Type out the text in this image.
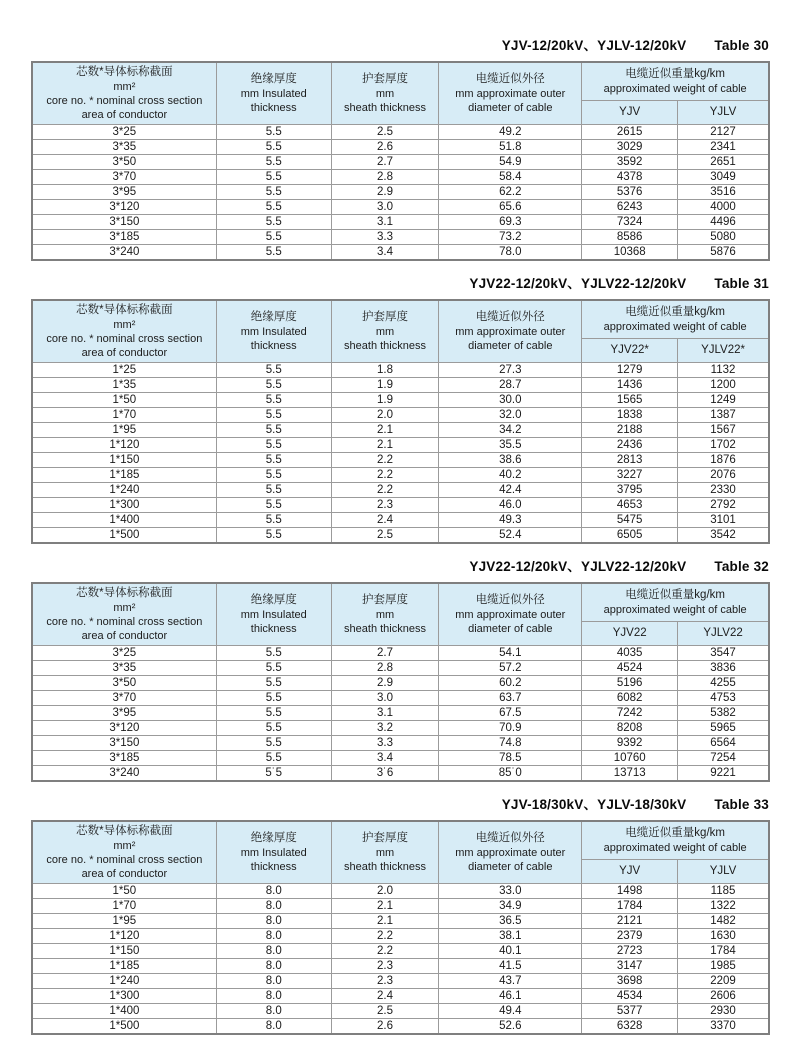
YJV-12/20kV、YJLV-12/20kV Table 30
芯数*导体标称截面
mm²
core no. * nominal cross section
area of conductor

绝缘厚度
mm Insulated
thickness

护套厚度
mm
sheath thickness

电缆近似外径
mm approximate outer
diameter of cable

电缆近似重量kg/km
approximated weight of cable

				YJV	YJLV
3*25	5.5	2.5	49.2	2615	2127
3*35	5.5	2.6	51.8	3029	2341
3*50	5.5	2.7	54.9	3592	2651
3*70	5.5	2.8	58.4	4378	3049
3*95	5.5	2.9	62.2	5376	3516
3*120	5.5	3.0	65.6	6243	4000
3*150	5.5	3.1	69.3	7324	4496
3*185	5.5	3.3	73.2	8586	5080
3*240	5.5	3.4	78.0	10368	5876
YJV22-12/20kV、YJLV22-12/20kV Table 31
芯数*导体标称截面
mm²
core no. * nominal cross section
area of conductor

绝缘厚度
mm Insulated
thickness

护套厚度
mm
sheath thickness

电缆近似外径
mm approximate outer
diameter of cable

电缆近似重量kg/km
approximated weight of cable

				YJV22*	YJLV22*
1*25	5.5	1.8	27.3	1279	1132
1*35	5.5	1.9	28.7	1436	1200
1*50	5.5	1.9	30.0	1565	1249
1*70	5.5	2.0	32.0	1838	1387
1*95	5.5	2.1	34.2	2188	1567
1*120	5.5	2.1	35.5	2436	1702
1*150	5.5	2.2	38.6	2813	1876
1*185	5.5	2.2	40.2	3227	2076
1*240	5.5	2.2	42.4	3795	2330
1*300	5.5	2.3	46.0	4653	2792
1*400	5.5	2.4	49.3	5475	3101
1*500	5.5	2.5	52.4	6505	3542
YJV22-12/20kV、YJLV22-12/20kV Table 32
芯数*导体标称截面
mm²
core no. * nominal cross section
area of conductor

绝缘厚度
mm Insulated
thickness

护套厚度
mm
sheath thickness

电缆近似外径
mm approximate outer
diameter of cable

电缆近似重量kg/km
approximated weight of cable

				YJV22	YJLV22
3*25	5.5	2.7	54.1	4035	3547
3*35	5.5	2.8	57.2	4524	3836
3*50	5.5	2.9	60.2	5196	4255
3*70	5.5	3.0	63.7	6082	4753
3*95	5.5	3.1	67.5	7242	5382
3*120	5.5	3.2	70.9	8208	5965
3*150	5.5	3.3	74.8	9392	6564
3*185	5.5	3.4	78.5	10760	7254
3*240	5˙5	3˙6	85˙0	13713	9221
YJV-18/30kV、YJLV-18/30kV Table 33
芯数*导体标称截面
mm²
core no. * nominal cross section
area of conductor

绝缘厚度
mm Insulated
thickness

护套厚度
mm
sheath thickness

电缆近似外径
mm approximate outer
diameter of cable

电缆近似重量kg/km
approximated weight of cable

				YJV	YJLV
1*50	8.0	2.0	33.0	1498	1185
1*70	8.0	2.1	34.9	1784	1322
1*95	8.0	2.1	36.5	2121	1482
1*120	8.0	2.2	38.1	2379	1630
1*150	8.0	2.2	40.1	2723	1784
1*185	8.0	2.3	41.5	3147	1985
1*240	8.0	2.3	43.7	3698	2209
1*300	8.0	2.4	46.1	4534	2606
1*400	8.0	2.5	49.4	5377	2930
1*500	8.0	2.6	52.6	6328	3370
